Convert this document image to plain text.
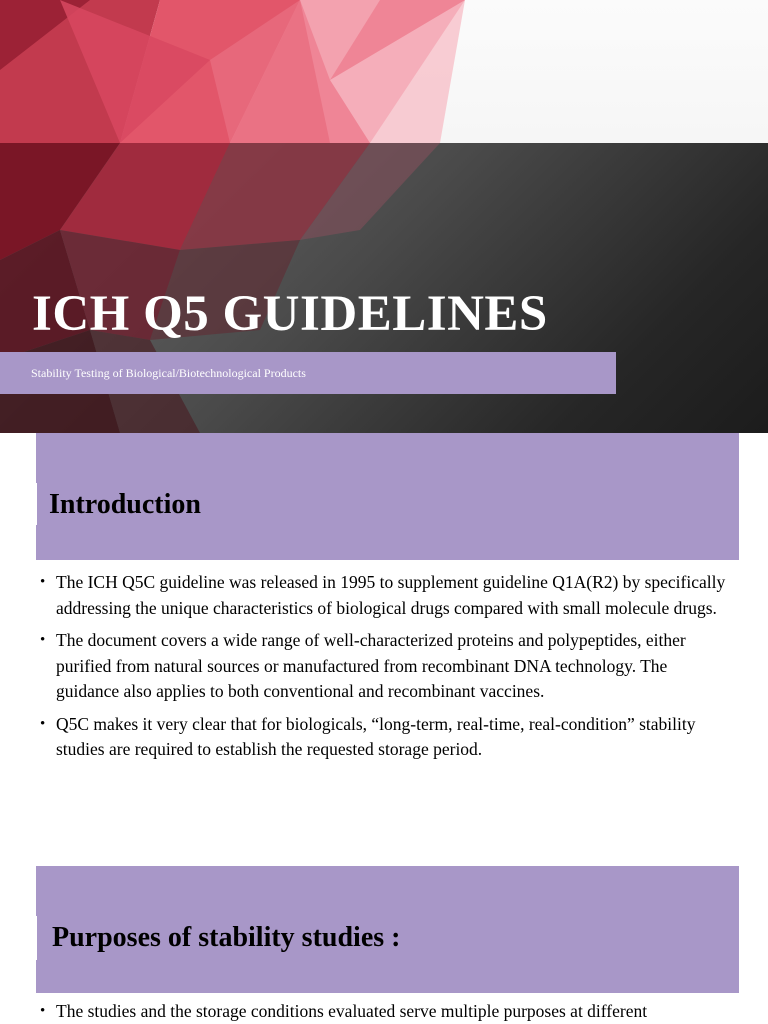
ICH Q5 GUIDELINES
Stability Testing of Biological/Biotechnological Products
Introduction
• The ICH Q5C guideline was released in 1995 to supplement guideline Q1A(R2) by specifically addressing the unique characteristics of biological drugs compared with small molecule drugs.
• The document covers a wide range of well-characterized proteins and polypeptides, either purified from natural sources or manufactured from recombinant DNA technology. The guidance also applies to both conventional and recombinant vaccines.
• Q5C makes it very clear that for biologicals, “long-term, real-time, real-condition” stability studies are required to establish the requested storage period.
Purposes of stability studies :
• The studies and the storage conditions evaluated serve multiple purposes at different
